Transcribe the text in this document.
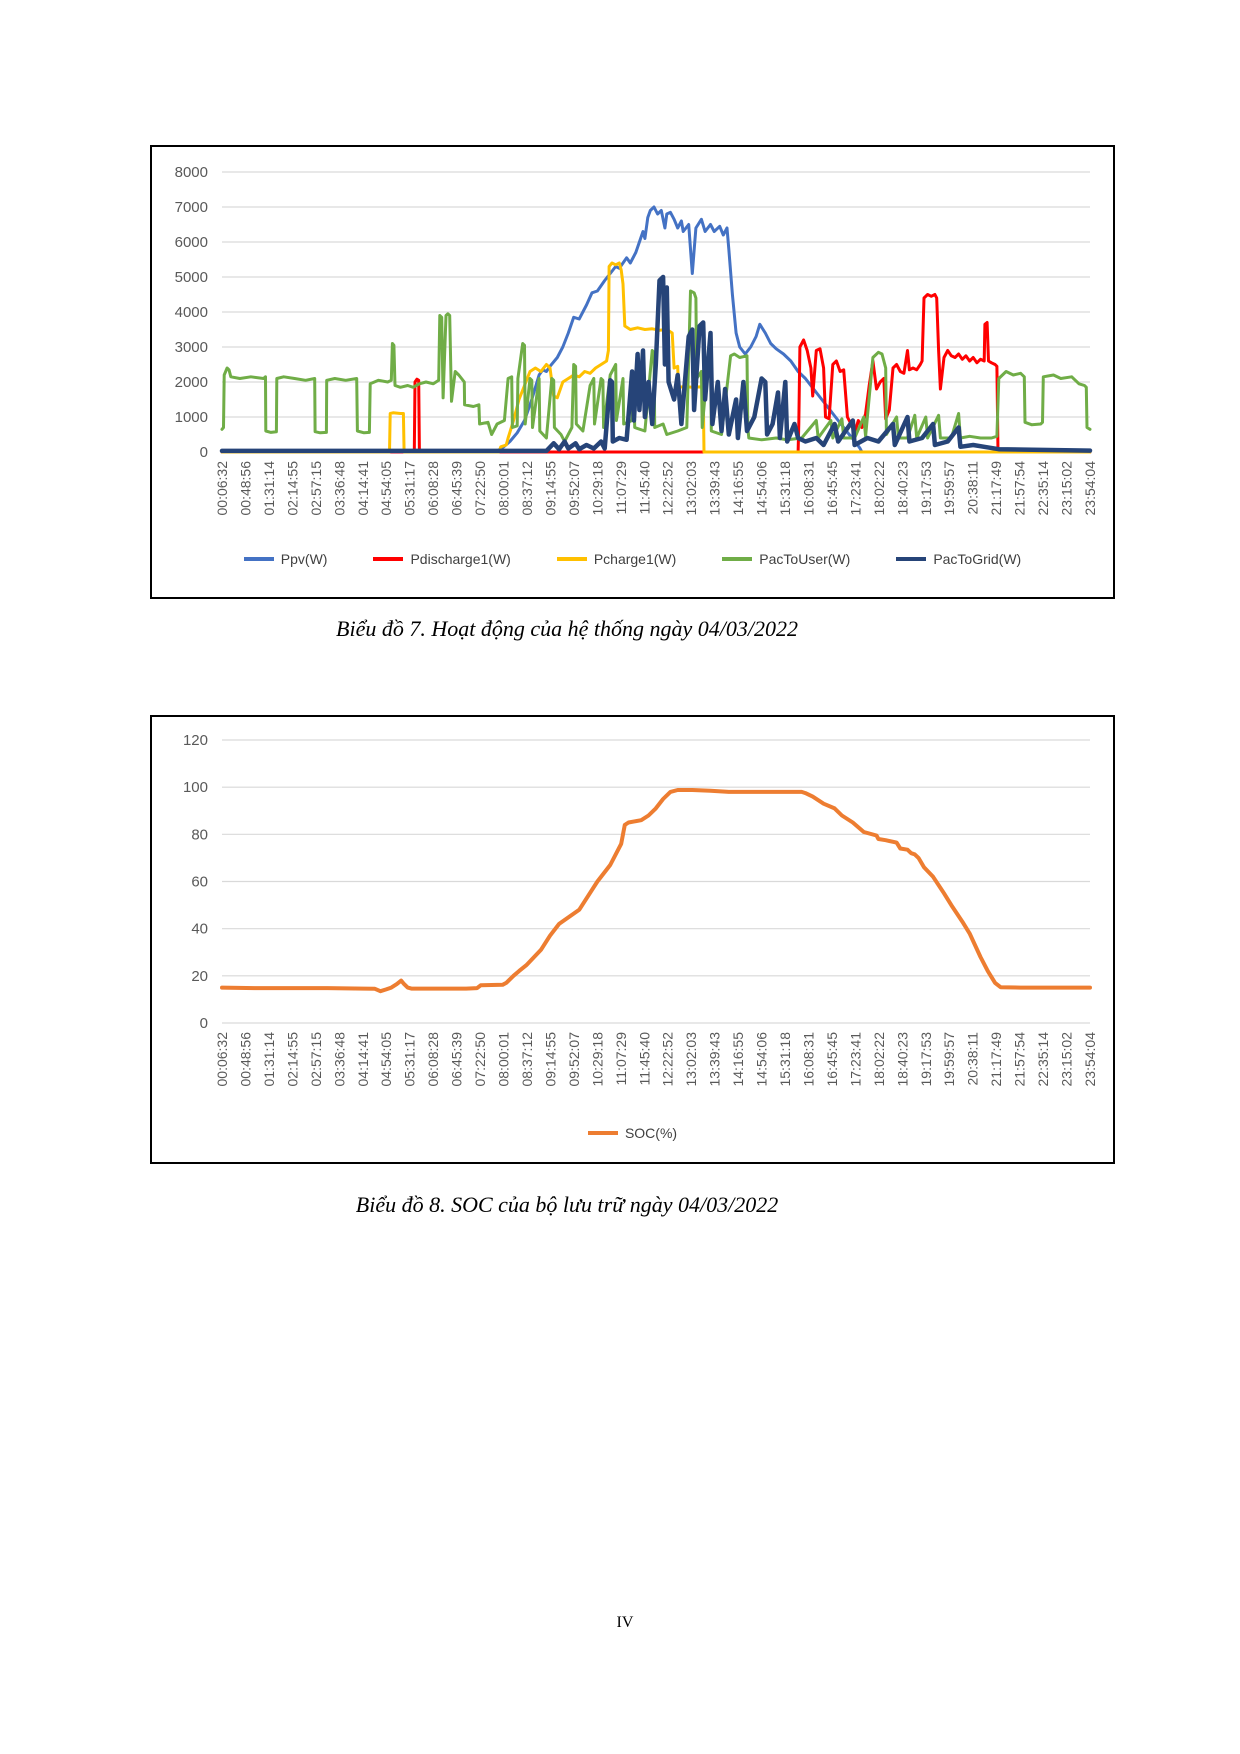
0
1000
2000
3000
4000
5000
6000
7000
8000
00:06:32 00:48:56 01:31:14 02:14:55 02:57:15 03:36:48 04:14:41 04:54:05 05:31:17 06:08:28 06:45:39 07:22:50 08:00:01 08:37:12 09:14:55 09:52:07 10:29:18 11:07:29 11:45:40 12:22:52 13:02:03 13:39:43 14:16:55 14:54:06 15:31:18 16:08:31 16:45:45 17:23:41 18:02:22 18:40:23 19:17:53 19:59:57 20:38:11 21:17:49 21:57:54 22:35:14 23:15:02 23:54:04
Ppv(W)	Pdischarge1(W)	Pcharge1(W)	PacToUser(W)	PacToGrid(W)

Biểu đồ 7. Hoạt động của hệ thống ngày 04/03/2022

0
20
40
60
80
100
120
00:06:32 00:48:56 01:31:14 02:14:55 02:57:15 03:36:48 04:14:41 04:54:05 05:31:17 06:08:28 06:45:39 07:22:50 08:00:01 08:37:12 09:14:55 09:52:07 10:29:18 11:07:29 11:45:40 12:22:52 13:02:03 13:39:43 14:16:55 14:54:06 15:31:18 16:08:31 16:45:45 17:23:41 18:02:22 18:40:23 19:17:53 19:59:57 20:38:11 21:17:49 21:57:54 22:35:14 23:15:02 23:54:04
SOC(%)

Biểu đồ 8. SOC của bộ lưu trữ ngày 04/03/2022

IV
